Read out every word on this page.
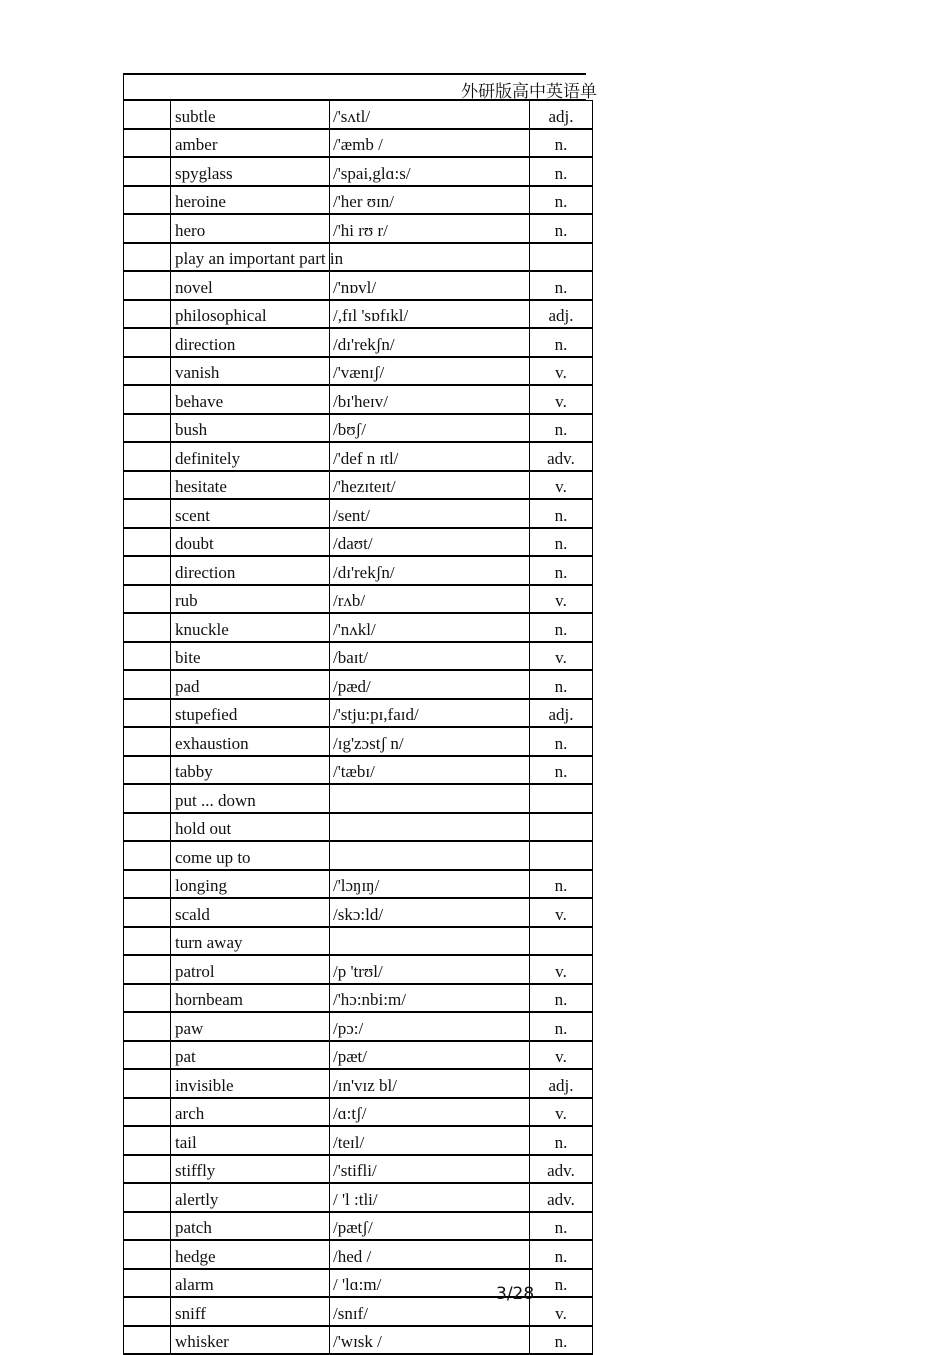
外研版高中英语单
	subtle	/'sʌtl/	adj.
	amber	/'æmb /	n.
	spyglass	/'spai,glɑ:s/	n.
	heroine	/'her ʊɪn/	n.
	hero	/'hi rʊ r/	n.
	play an important part in		
	novel	/'nɒvl/	n.
	philosophical	/,fɪl 'sɒfɪkl/	adj.
	direction	/dɪ'rekʃn/	n.
	vanish	/'vænɪʃ/	v.
	behave	/bɪ'heɪv/	v.
	bush	/bʊʃ/	n.
	definitely	/'def n ɪtl/	adv.
	hesitate	/'hezɪteɪt/	v.
	scent	/sent/	n.
	doubt	/daʊt/	n.
	direction	/dɪ'rekʃn/	n.
	rub	/rʌb/	v.
	knuckle	/'nʌkl/	n.
	bite	/baɪt/	v.
	pad	/pæd/	n.
	stupefied	/'stju:pɪ,faɪd/	adj.
	exhaustion	/ɪg'zɔstʃ n/	n.
	tabby	/'tæbɪ/	n.
	put ... down		
	hold out		
	come up to		
	longing	/'lɔŋɪŋ/	n.
	scald	/skɔ:ld/	v.
	turn away		
	patrol	/p 'trʊl/	v.
	hornbeam	/'hɔ:nbi:m/	n.
	paw	/pɔ:/	n.
	pat	/pæt/	v.
	invisible	/ɪn'vɪz bl/	adj.
	arch	/ɑ:tʃ/	v.
	tail	/teɪl/	n.
	stiffly	/'stifli/	adv.
	alertly	/ 'l :tli/	adv.
	patch	/pætʃ/	n.
	hedge	/hed /	n.
	alarm	/ 'lɑ:m/	n.
	sniff	/snɪf/	v.
	whisker	/'wɪsk /	n.
3/28
